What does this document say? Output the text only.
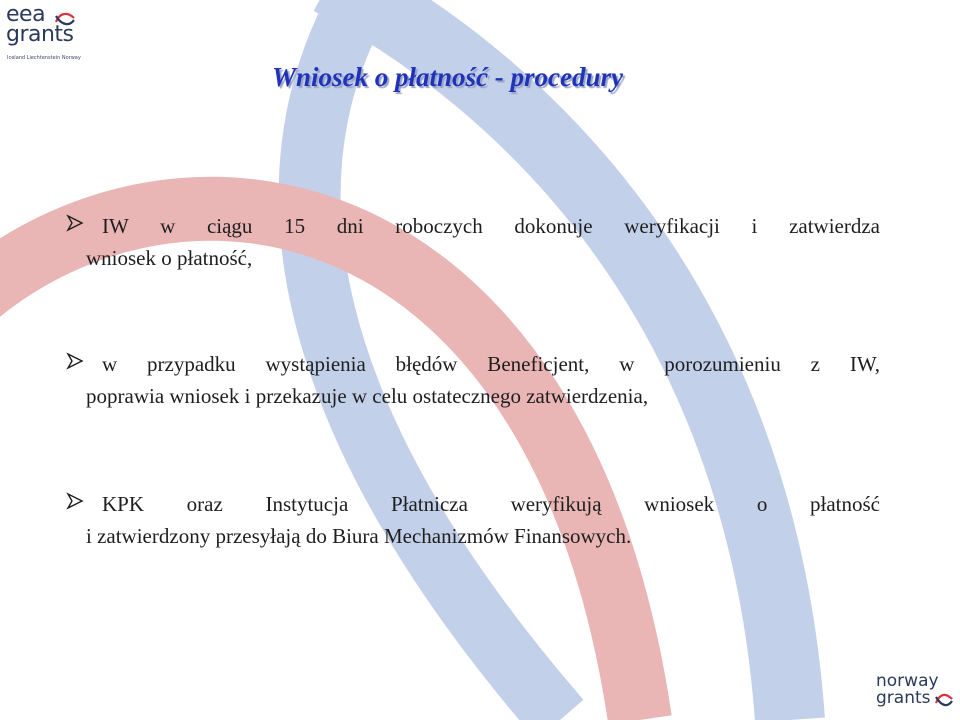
eea
grants
Iceland Liechtenstein Norway
Wniosek o płatność - procedury
IW w ciągu 15 dni roboczych dokonuje weryfikacji i zatwierdza
wniosek o płatność,
w przypadku wystąpienia błędów Beneficjent, w porozumieniu z IW,
poprawia wniosek i przekazuje w celu ostatecznego zatwierdzenia,
KPK oraz Instytucja Płatnicza weryfikują wniosek o płatność
i zatwierdzony przesyłają do Biura Mechanizmów Finansowych.
norway
grants
